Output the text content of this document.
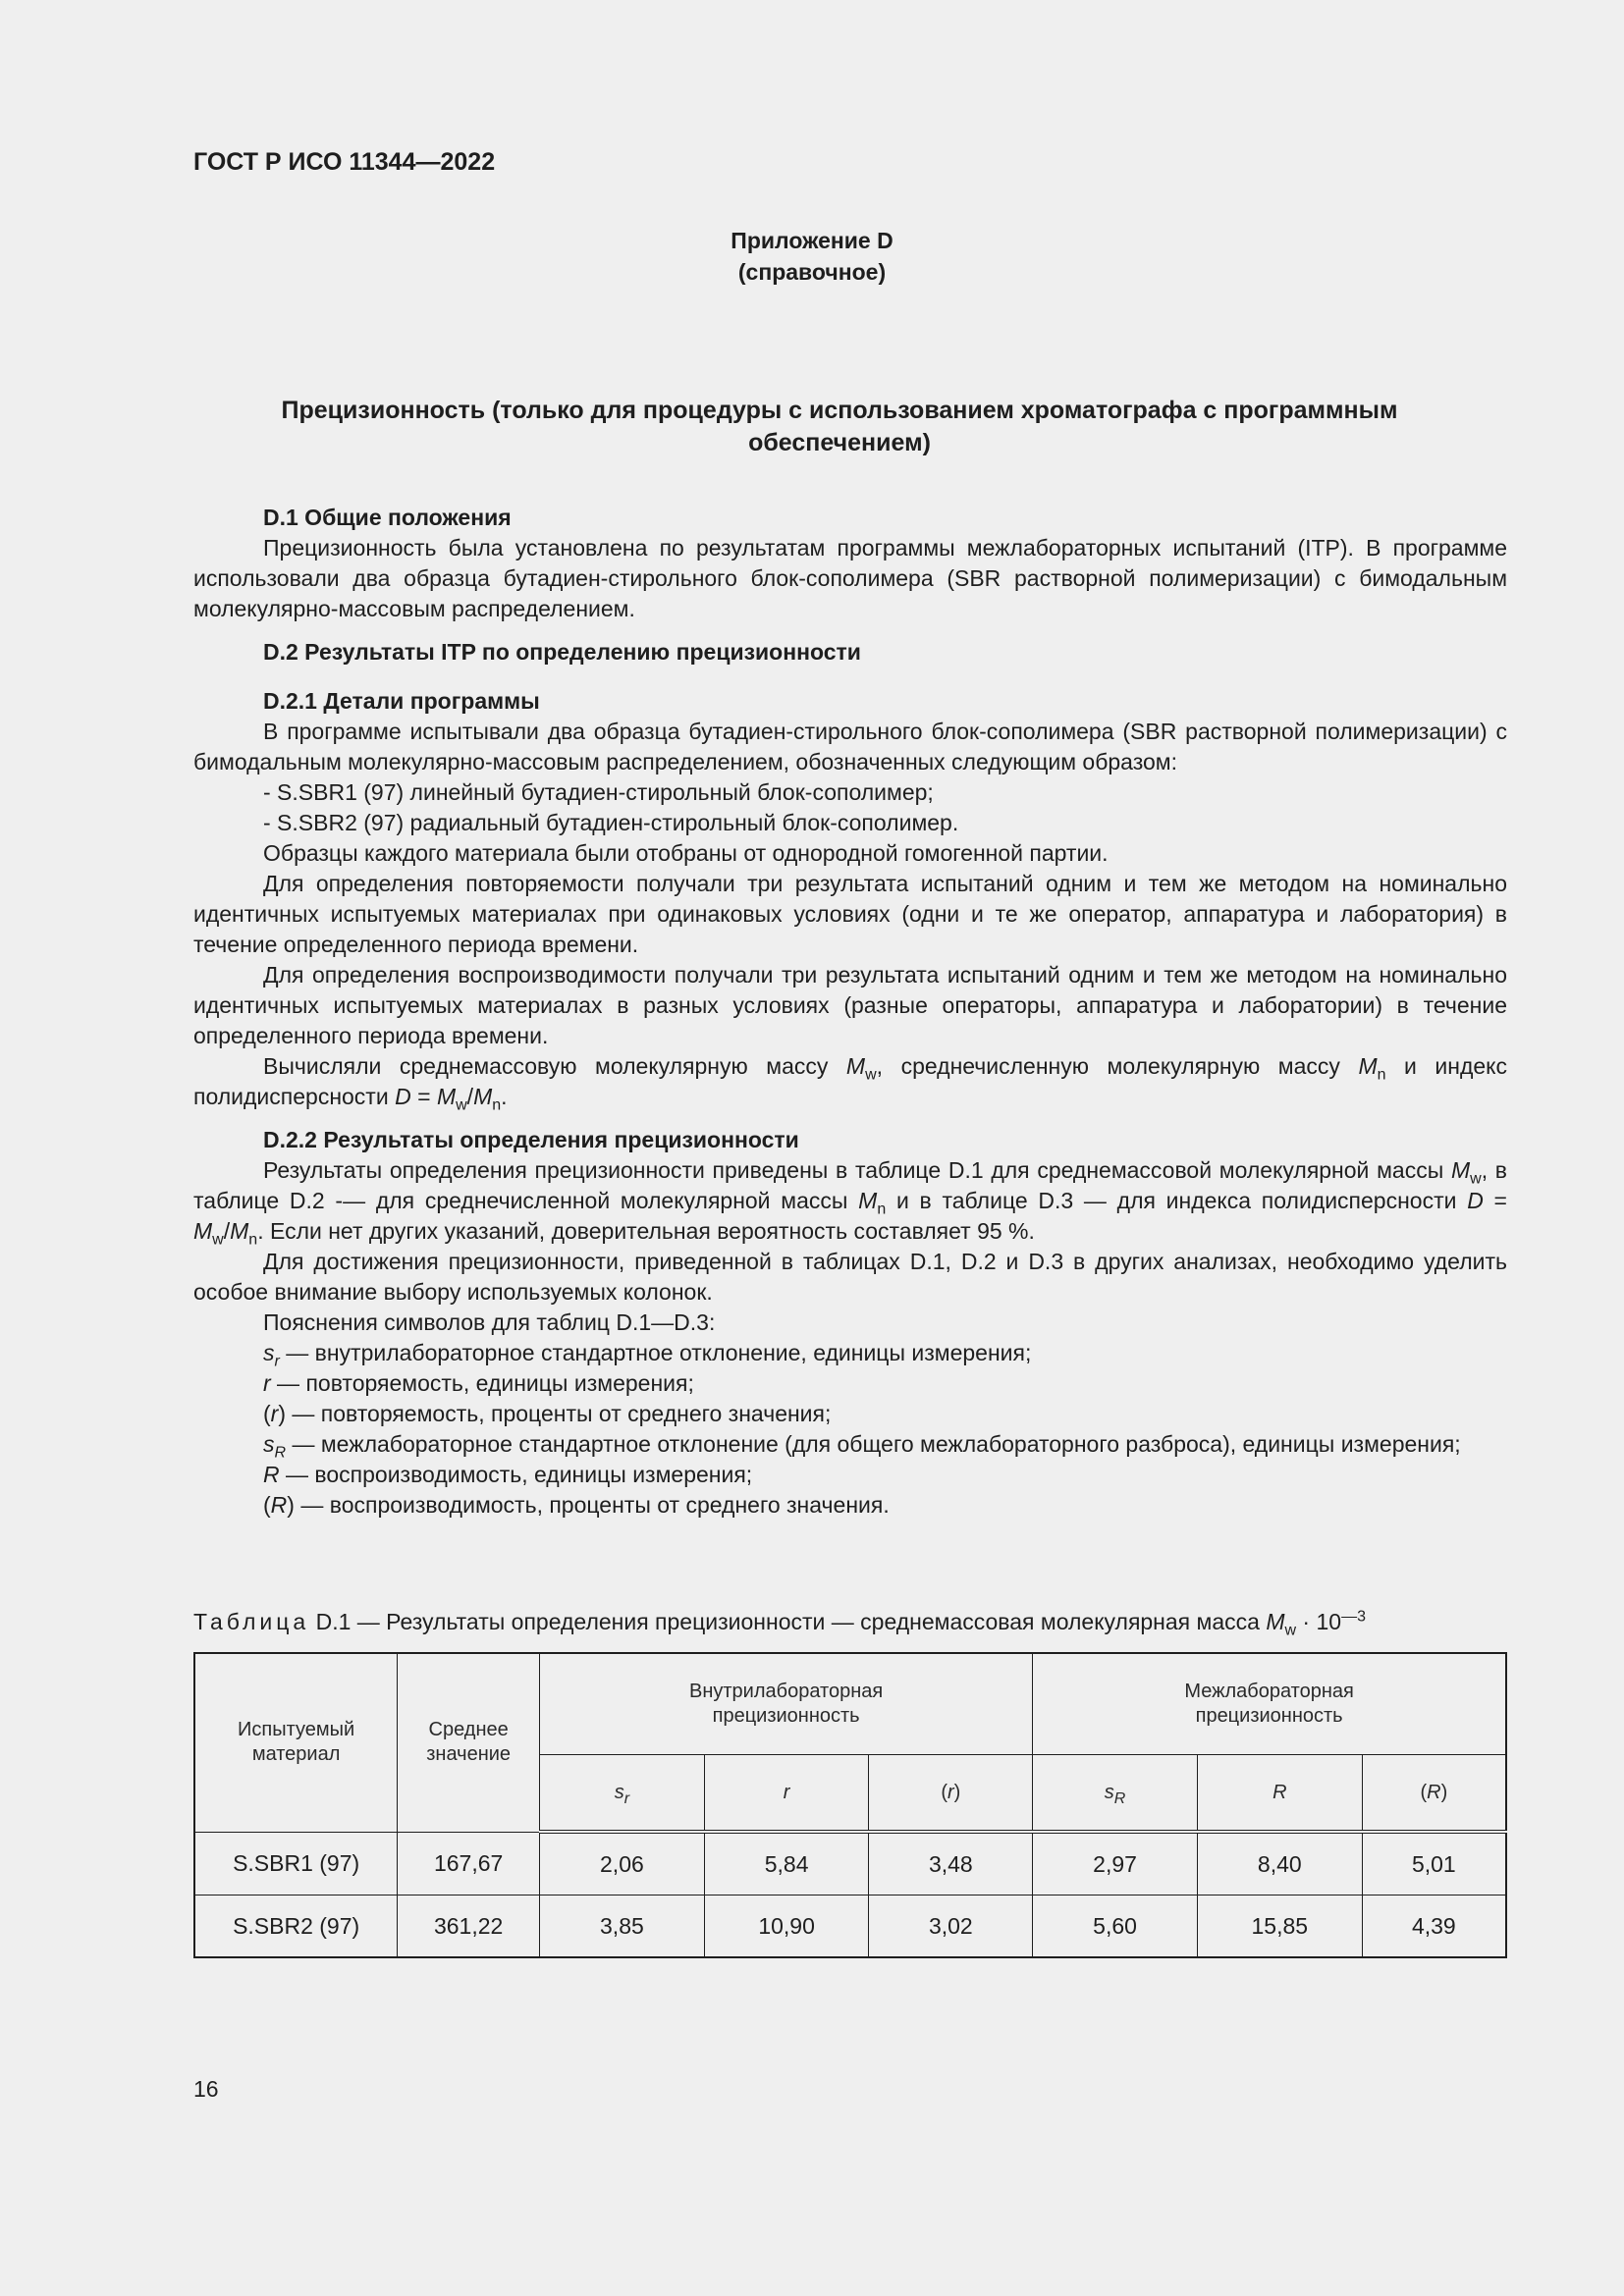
ГОСТ Р ИСО 11344—2022
Приложение D
(справочное)
Прецизионность (только для процедуры с использованием хроматографа с программным обеспечением)

D.1 Общие положения

Прецизионность была установлена по результатам программы межлабораторных испытаний (ITP). В программе использовали два образца бутадиен-стирольного блок-сополимера (SBR растворной полимеризации) с бимодальным молекулярно-массовым распределением.

D.2 Результаты ITP по определению прецизионности

D.2.1 Детали программы

В программе испытывали два образца бутадиен-стирольного блок-сополимера (SBR растворной полимеризации) с бимодальным молекулярно-массовым распределением, обозначенных следующим образом:

- S.SBR1 (97) линейный бутадиен-стирольный блок-сополимер;

- S.SBR2 (97) радиальный бутадиен-стирольный блок-сополимер.

Образцы каждого материала были отобраны от однородной гомогенной партии.

Для определения повторяемости получали три результата испытаний одним и тем же методом на номинально идентичных испытуемых материалах при одинаковых условиях (одни и те же оператор, аппаратура и лаборатория) в течение определенного периода времени.

Для определения воспроизводимости получали три результата испытаний одним и тем же методом на номинально идентичных испытуемых материалах в разных условиях (разные операторы, аппаратура и лаборатории) в течение определенного периода времени.

Вычисляли среднемассовую молекулярную массу $M_w$, среднечисленную молекулярную массу $M_n$ и индекс полидисперсности $D = M_w/M_n$.

D.2.2 Результаты определения прецизионности

Результаты определения прецизионности приведены в таблице D.1 для среднемассовой молекулярной массы $M_w$, в таблице D.2 -— для среднечисленной молекулярной массы $M_n$ и в таблице D.3 — для индекса полидисперсности $D = M_w/M_n$. Если нет других указаний, доверительная вероятность составляет 95 %.

Для достижения прецизионности, приведенной в таблицах D.1, D.2 и D.3 в других анализах, необходимо уделить особое внимание выбору используемых колонок.

Пояснения символов для таблиц D.1—D.3:

$s_r$ — внутрилабораторное стандартное отклонение, единицы измерения;

r — повторяемость, единицы измерения;

(r) — повторяемость, проценты от среднего значения;

$s_R$ — межлабораторное стандартное отклонение (для общего межлабораторного разброса), единицы измерения;

R — воспроизводимость, единицы измерения;

(R) — воспроизводимость, проценты от среднего значения.

Таблица D.1 — Результаты определения прецизионности — среднемассовая молекулярная масса $M_w \cdot 10^{—3}$
Испытуемый материал	Среднее значение	Внутрилабораторная прецизионность			Межлабораторная прецизионность		

		$s_r$	r	(r)	$s_R$	R	(R)
S.SBR1 (97)	167,67	2,06	5,84	3,48	2,97	8,40	5,01
S.SBR2 (97)	361,22	3,85	10,90	3,02	5,60	15,85	4,39
16
